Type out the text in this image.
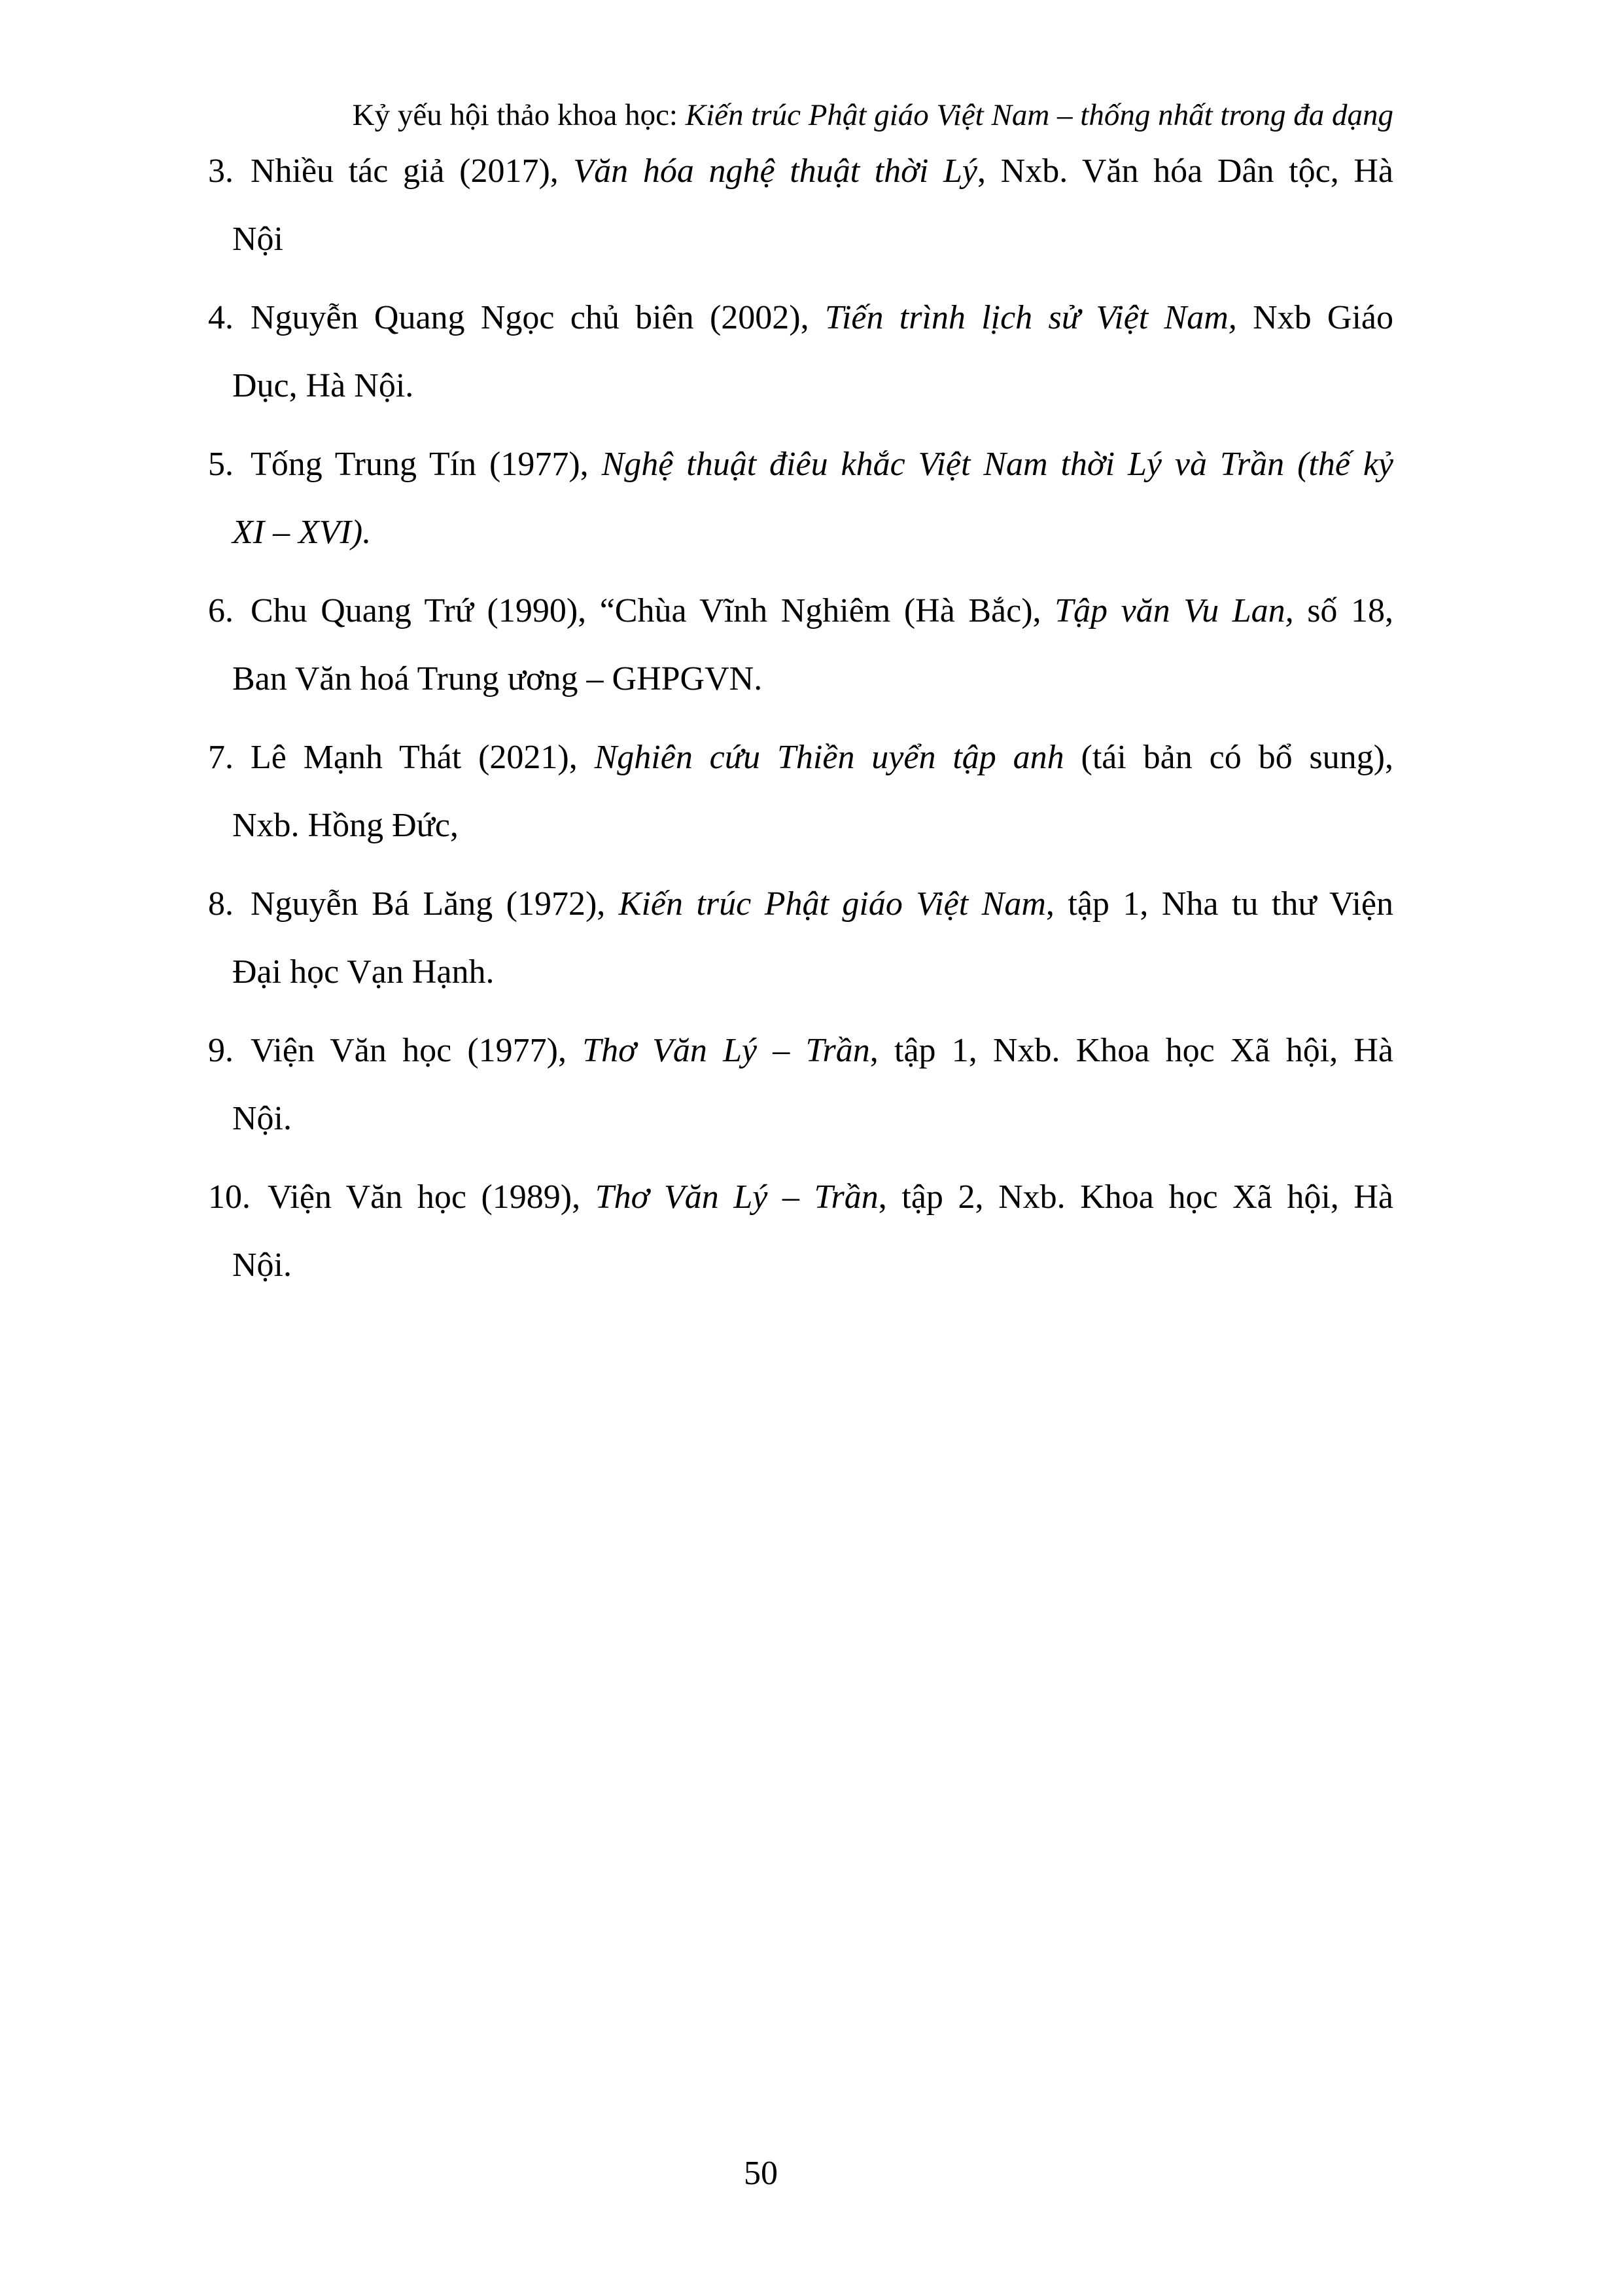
Kỷ yếu hội thảo khoa học: Kiến trúc Phật giáo Việt Nam – thống nhất trong đa dạng
3. Nhiều tác giả (2017), Văn hóa nghệ thuật thời Lý, Nxb. Văn hóa Dân tộc, Hà
Nội
4. Nguyễn Quang Ngọc chủ biên (2002), Tiến trình lịch sử Việt Nam, Nxb Giáo
Dục, Hà Nội.
5. Tống Trung Tín (1977), Nghệ thuật điêu khắc Việt Nam thời Lý và Trần (thế kỷ
XI – XVI).
6. Chu Quang Trứ (1990), “Chùa Vĩnh Nghiêm (Hà Bắc), Tập văn Vu Lan, số 18,
Ban Văn hoá Trung ương – GHPGVN.
7. Lê Mạnh Thát (2021), Nghiên cứu Thiền uyển tập anh (tái bản có bổ sung),
Nxb. Hồng Đức,
8. Nguyễn Bá Lăng (1972), Kiến trúc Phật giáo Việt Nam, tập 1, Nha tu thư Viện
Đại học Vạn Hạnh.
9. Viện Văn học (1977), Thơ Văn Lý – Trần, tập 1, Nxb. Khoa học Xã hội, Hà
Nội.
10. Viện Văn học (1989), Thơ Văn Lý – Trần, tập 2, Nxb. Khoa học Xã hội, Hà
Nội.
50
